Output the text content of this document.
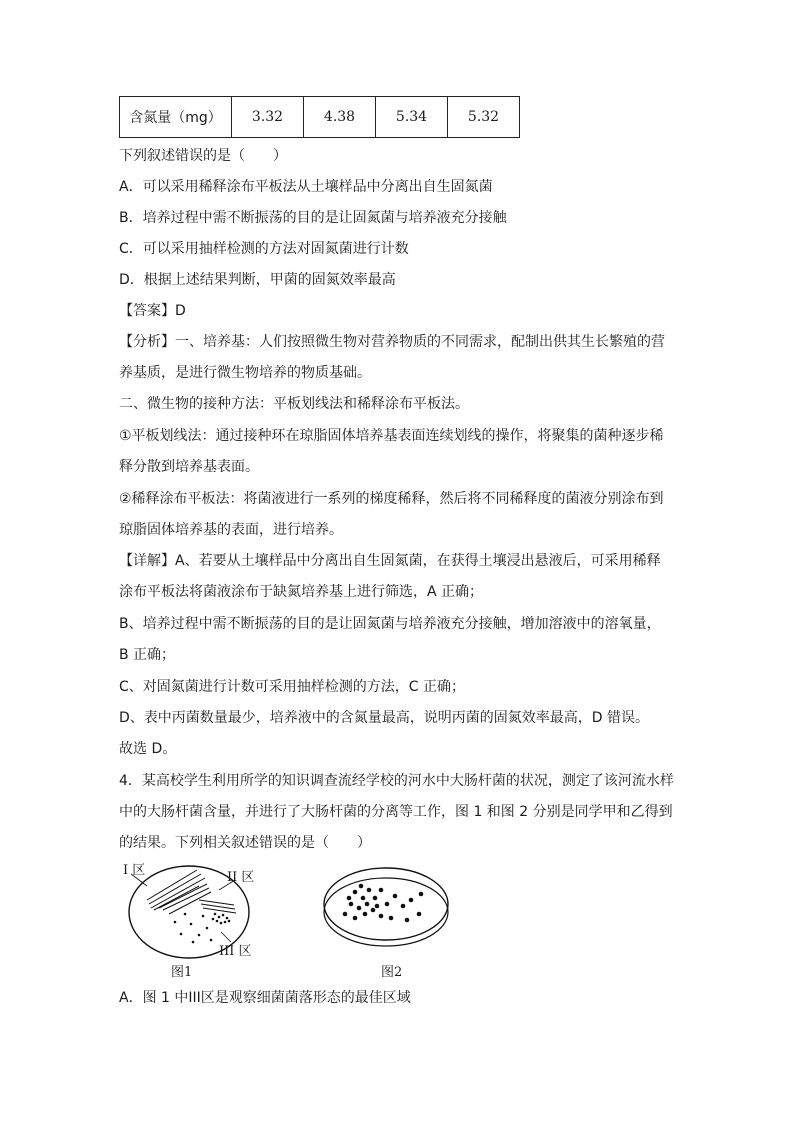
含氮量（mg）	3.32	4.38	5.34	5.32
下列叙述错误的是（　　）
A．可以采用稀释涂布平板法从土壤样品中分离出自生固氮菌
B．培养过程中需不断振荡的目的是让固氮菌与培养液充分接触
C．可以采用抽样检测的方法对固氮菌进行计数
D．根据上述结果判断，甲菌的固氮效率最高
【答案】D
【分析】一、培养基：人们按照微生物对营养物质的不同需求，配制出供其生长繁殖的营
养基质，是进行微生物培养的物质基础。
二、微生物的接种方法：平板划线法和稀释涂布平板法。
①平板划线法：通过接种环在琼脂固体培养基表面连续划线的操作，将聚集的菌种逐步稀
释分散到培养基表面。
②稀释涂布平板法：将菌液进行一系列的梯度稀释，然后将不同稀释度的菌液分别涂布到
琼脂固体培养基的表面，进行培养。
【详解】A、若要从土壤样品中分离出自生固氮菌，在获得土壤浸出悬液后，可采用稀释
涂布平板法将菌液涂布于缺氮培养基上进行筛选，A 正确；
B、培养过程中需不断振荡的目的是让固氮菌与培养液充分接触，增加溶液中的溶氧量，
B 正确；
C、对固氮菌进行计数可采用抽样检测的方法，C 正确；
D、表中丙菌数量最少，培养液中的含氮量最高，说明丙菌的固氮效率最高，D 错误。
故选 D。
4．某高校学生利用所学的知识调查流经学校的河水中大肠杆菌的状况，测定了该河流水样
中的大肠杆菌含量，并进行了大肠杆菌的分离等工作，图 1 和图 2 分别是同学甲和乙得到
的结果。下列相关叙述错误的是（　　）
I 区	II 区
III 区
图1	图2
A．图 1 中III区是观察细菌菌落形态的最佳区域
